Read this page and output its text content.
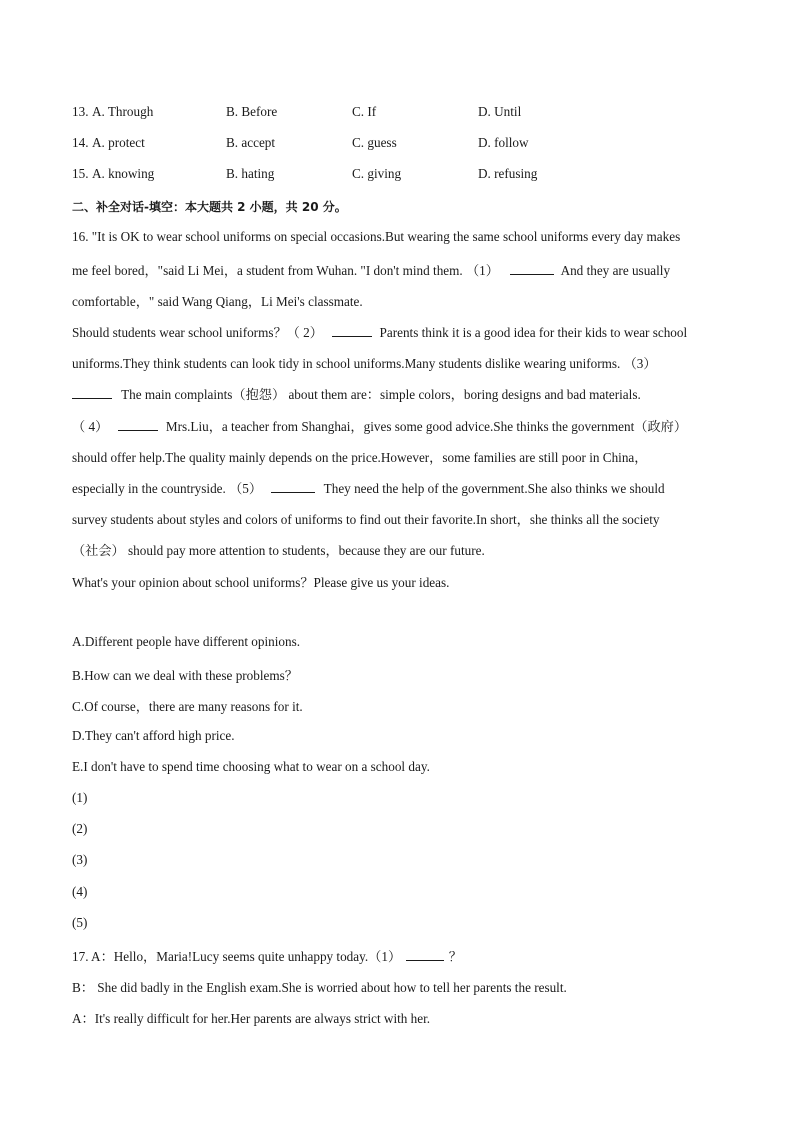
13. A. Through	B. Before	C. If	D. Until
14. A. protect	B. accept	C. guess	D. follow
15. A. knowing	B. hating	C. giving	D. refusing
二、补全对话-填空：本大题共 2 小题，共 20 分。
16. "It is OK to wear school uniforms on special occasions.But wearing the same school uniforms every day makes
me feel bored，"said Li Mei，a student from Wuhan. "I don't mind them. （1）	And they are usually
comfortable，" said Wang Qiang，Li Mei's classmate.
Should students wear school uniforms？（ 2）	Parents think it is a good idea for their kids to wear school
uniforms.They think students can look tidy in school uniforms.Many students dislike wearing uniforms. （3）
The main complaints（抱怨） about them are：simple colors，boring designs and bad materials.
（ 4）	Mrs.Liu，a teacher from Shanghai，gives some good advice.She thinks the government（政府）
should offer help.The quality mainly depends on the price.However，some families are still poor in China，
especially in the countryside. （5）	They need the help of the government.She also thinks we should
survey students about styles and colors of uniforms to find out their favorite.In short，she thinks all the society
（社会） should pay more attention to students，because they are our future.
What's your opinion about school uniforms？Please give us your ideas.
A.Different people have different opinions.
B.How can we deal with these problems？
C.Of course，there are many reasons for it.
D.They can't afford high price.
E.I don't have to spend time choosing what to wear on a school day.
(1)
(2)
(3)
(4)
(5)
17. A：Hello，Maria!Lucy seems quite unhappy today.（1）	？
B： She did badly in the English exam.She is worried about how to tell her parents the result.
A：It's really difficult for her.Her parents are always strict with her.
